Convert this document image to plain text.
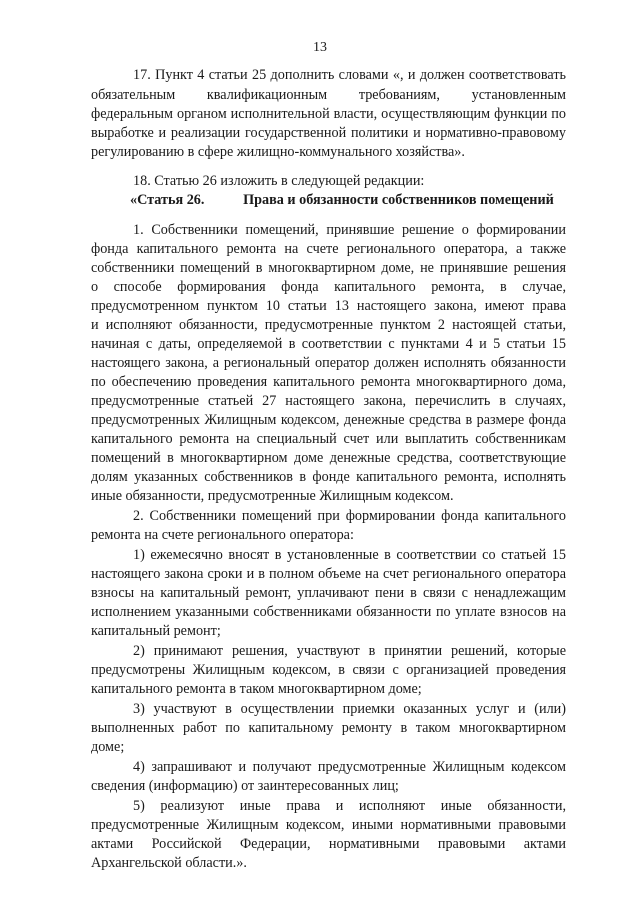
13
17. Пункт 4 статьи 25 дополнить словами «, и должен соответствовать
обязательным квалификационным требованиям, установленным
федеральным органом исполнительной власти, осуществляющим функции по
выработке и реализации государственной политики и нормативно-правовому
регулированию в сфере жилищно-коммунального хозяйства».
18. Статью 26 изложить в следующей редакции:
«Статья 26.	Права и обязанности собственников помещений
1. Собственники помещений, принявшие решение о формировании
фонда капитального ремонта на счете регионального оператора, а также
собственники помещений в многоквартирном доме, не принявшие решения
о способе формирования фонда капитального ремонта, в случае,
предусмотренном пунктом 10 статьи 13 настоящего закона, имеют права
и исполняют обязанности, предусмотренные пунктом 2 настоящей статьи,
начиная с даты, определяемой в соответствии с пунктами 4 и 5 статьи 15
настоящего закона, а региональный оператор должен исполнять обязанности
по обеспечению проведения капитального ремонта многоквартирного дома,
предусмотренные статьей 27 настоящего закона, перечислить в случаях,
предусмотренных Жилищным кодексом, денежные средства в размере фонда
капитального ремонта на специальный счет или выплатить собственникам
помещений в многоквартирном доме денежные средства, соответствующие
долям указанных собственников в фонде капитального ремонта, исполнять
иные обязанности, предусмотренные Жилищным кодексом.
2. Собственники помещений при формировании фонда капитального
ремонта на счете регионального оператора:
1) ежемесячно вносят в установленные в соответствии со статьей 15
настоящего закона сроки и в полном объеме на счет регионального оператора
взносы на капитальный ремонт, уплачивают пени в связи с ненадлежащим
исполнением указанными собственниками обязанности по уплате взносов на
капитальный ремонт;
2) принимают решения, участвуют в принятии решений, которые
предусмотрены Жилищным кодексом, в связи с организацией проведения
капитального ремонта в таком многоквартирном доме;
3) участвуют в осуществлении приемки оказанных услуг и (или)
выполненных работ по капитальному ремонту в таком многоквартирном
доме;
4) запрашивают и получают предусмотренные Жилищным кодексом
сведения (информацию) от заинтересованных лиц;
5) реализуют иные права и исполняют иные обязанности,
предусмотренные Жилищным кодексом, иными нормативными правовыми
актами Российской Федерации, нормативными правовыми актами
Архангельской области.».
